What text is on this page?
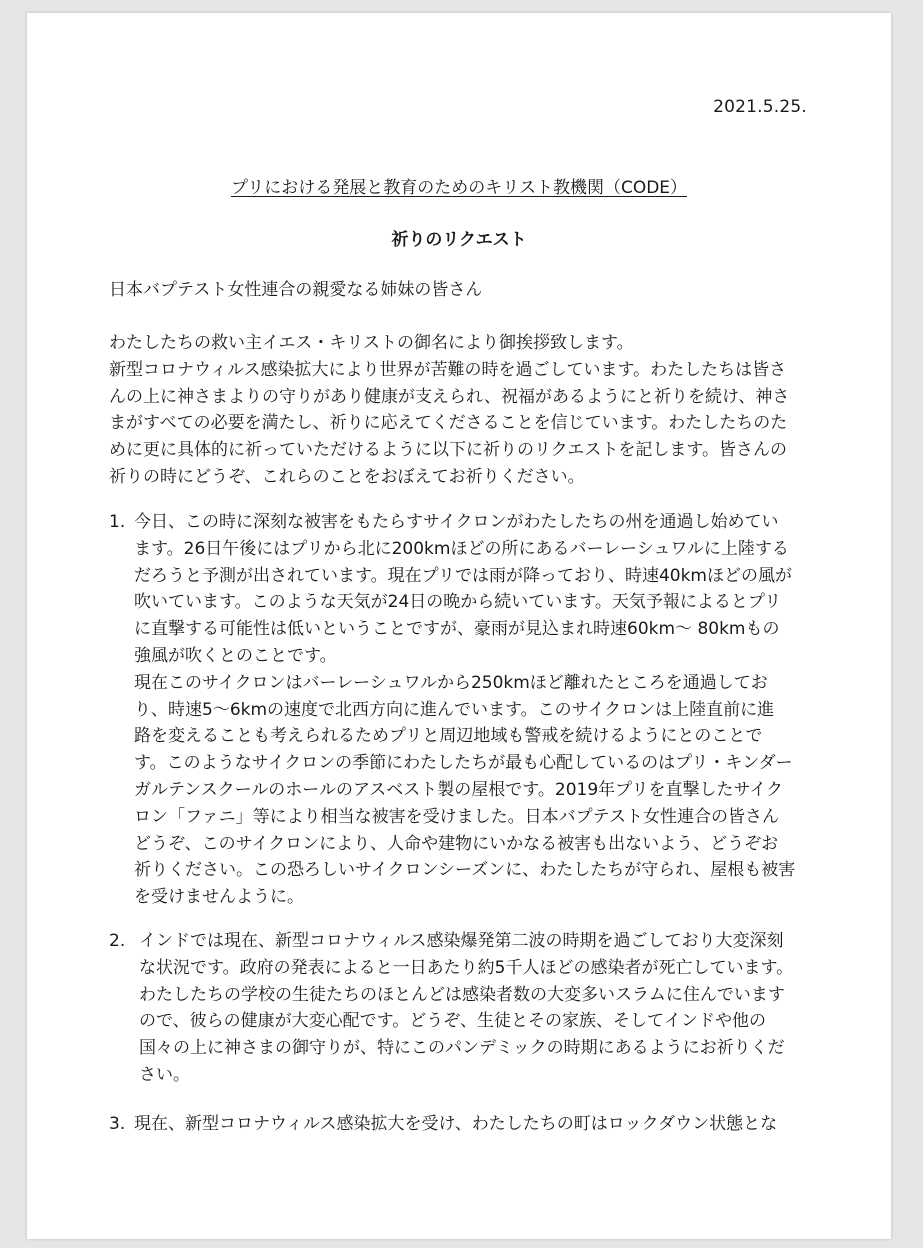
2021.5.25.
プリにおける発展と教育のためのキリスト教機関（CODE）
祈りのリクエスト

日本バプテスト女性連合の親愛なる姉妹の皆さん

わたしたちの救い主イエス・キリストの御名により御挨拶致します。
新型コロナウィルス感染拡大により世界が苦難の時を過ごしています。わたしたちは皆さ
んの上に神さまよりの守りがあり健康が支えられ、祝福があるようにと祈りを続け、神さ
まがすべての必要を満たし、祈りに応えてくださることを信じています。わたしたちのた
めに更に具体的に祈っていただけるように以下に祈りのリクエストを記します。皆さんの
祈りの時にどうぞ、これらのことをおぼえてお祈りください。

1. 今日、この時に深刻な被害をもたらすサイクロンがわたしたちの州を通過し始めてい
ます。26日午後にはプリから北に200kmほどの所にあるバーレーシュワルに上陸する
だろうと予測が出されています。現在プリでは雨が降っており、時速40kmほどの風が
吹いています。このような天気が24日の晩から続いています。天気予報によるとプリ
に直撃する可能性は低いということですが、豪雨が見込まれ時速60km〜 80kmもの
強風が吹くとのことです。
現在このサイクロンはバーレーシュワルから250kmほど離れたところを通過してお
り、時速5〜6kmの速度で北西方向に進んでいます。このサイクロンは上陸直前に進
路を変えることも考えられるためプリと周辺地域も警戒を続けるようにとのことで
す。このようなサイクロンの季節にわたしたちが最も心配しているのはプリ・キンダー
ガルテンスクールのホールのアスベスト製の屋根です。2019年プリを直撃したサイク
ロン「ファニ」等により相当な被害を受けました。日本バプテスト女性連合の皆さん
どうぞ、このサイクロンにより、人命や建物にいかなる被害も出ないよう、どうぞお
祈りください。この恐ろしいサイクロンシーズンに、わたしたちが守られ、屋根も被害
を受けませんように。
2. インドでは現在、新型コロナウィルス感染爆発第二波の時期を過ごしており大変深刻
な状況です。政府の発表によると一日あたり約5千人ほどの感染者が死亡しています。
わたしたちの学校の生徒たちのほとんどは感染者数の大変多いスラムに住んでいます
ので、彼らの健康が大変心配です。どうぞ、生徒とその家族、そしてインドや他の
国々の上に神さまの御守りが、特にこのパンデミックの時期にあるようにお祈りくだ
さい。
3. 現在、新型コロナウィルス感染拡大を受け、わたしたちの町はロックダウン状態とな
